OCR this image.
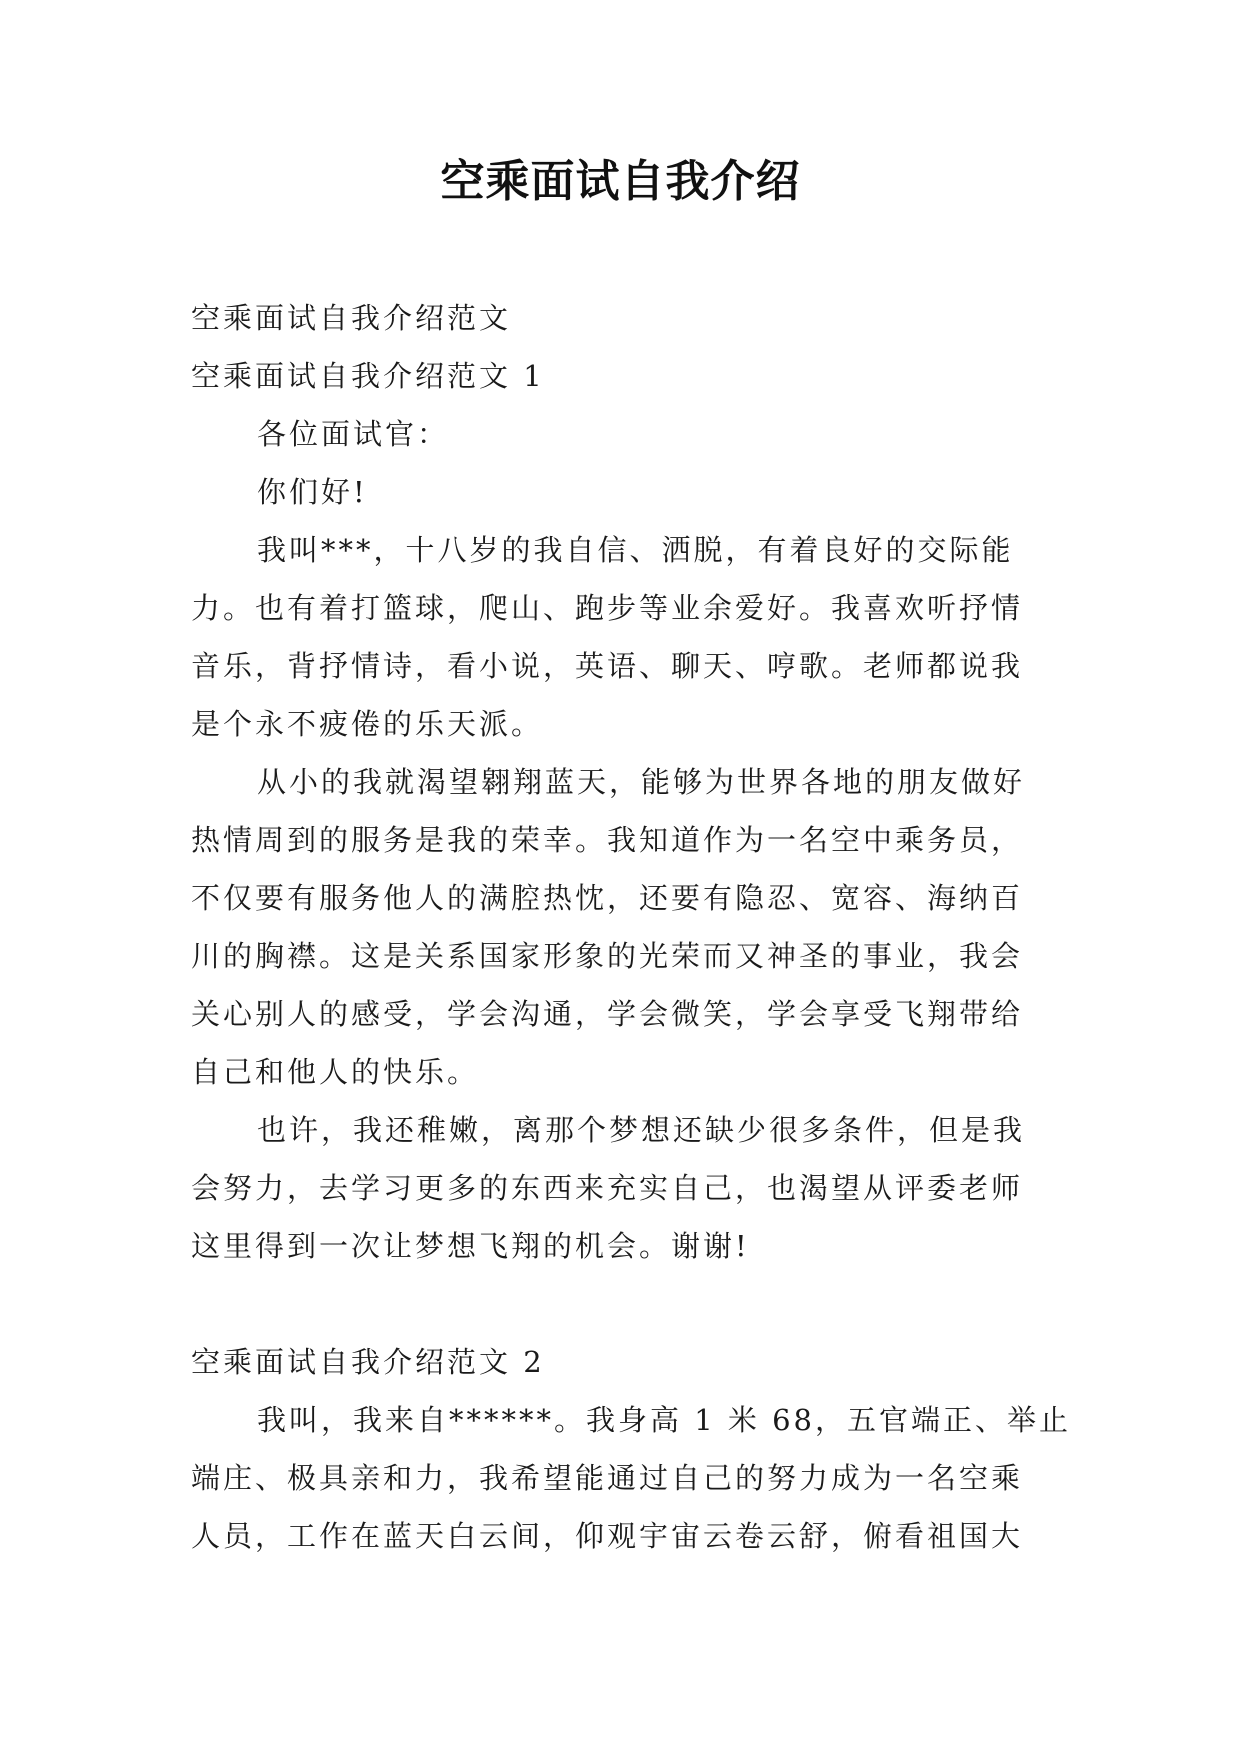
空乘面试自我介绍
空乘面试自我介绍范文
空乘面试自我介绍范文 1
各位面试官：
你们好!
我叫***，十八岁的我自信、洒脱，有着良好的交际能
力。也有着打篮球，爬山、跑步等业余爱好。我喜欢听抒情
音乐，背抒情诗，看小说，英语、聊天、哼歌。老师都说我
是个永不疲倦的乐天派。
从小的我就渴望翱翔蓝天，能够为世界各地的朋友做好
热情周到的服务是我的荣幸。我知道作为一名空中乘务员，
不仅要有服务他人的满腔热忱，还要有隐忍、宽容、海纳百
川的胸襟。这是关系国家形象的光荣而又神圣的事业，我会
关心别人的感受，学会沟通，学会微笑，学会享受飞翔带给
自己和他人的快乐。
也许，我还稚嫩，离那个梦想还缺少很多条件，但是我
会努力，去学习更多的东西来充实自己，也渴望从评委老师
这里得到一次让梦想飞翔的机会。谢谢!
空乘面试自我介绍范文 2
我叫，我来自******。我身高 1 米 68，五官端正、举止
端庄、极具亲和力，我希望能通过自己的努力成为一名空乘
人员，工作在蓝天白云间，仰观宇宙云卷云舒，俯看祖国大
